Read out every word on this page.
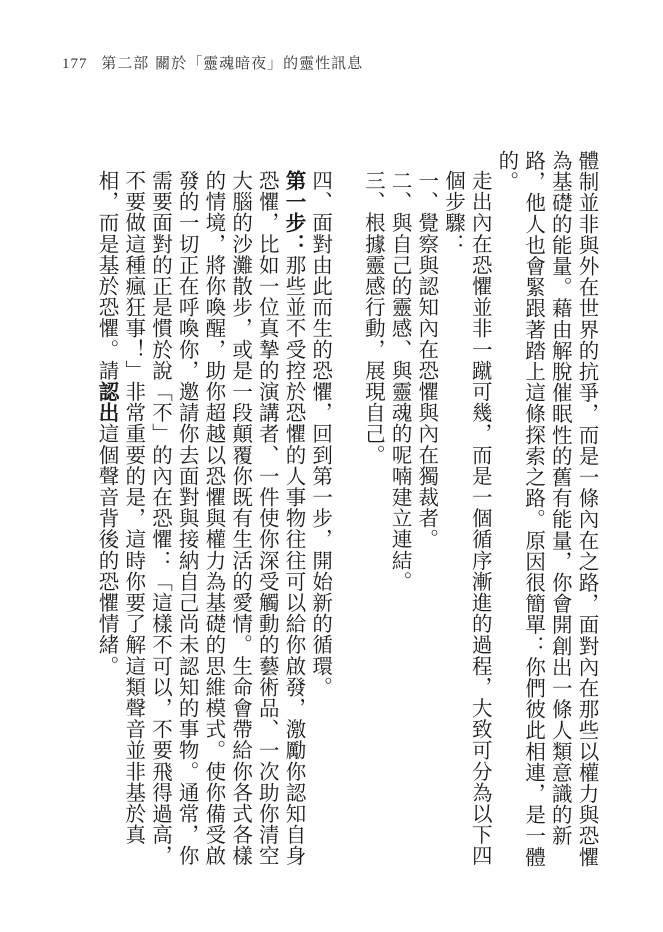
177 第二部 關於「靈魂暗夜」的靈性訊息

體制並非與外在世界的抗爭，而是一條內在之路，面對內在那些以權力與恐懼為基礎的能量。藉由解脫催眠性的舊有能量，你會開創出一條人類意識的新路，他人也會緊跟著踏上這條探索之路。原因很簡單：你們彼此相連，是一體的。

走出內在恐懼並非一蹴可幾，而是一個循序漸進的過程，大致可分為以下四個步驟：

一、覺察與認知內在恐懼與內在獨裁者。

二、與自己的靈感、與靈魂的呢喃建立連結。

三、根據靈感行動，展現自己。

四、面對由此而生的恐懼，回到第一步，開始新的循環。

第一步：那些並不受控於恐懼的人事物往往可以給你啟發，激勵你認知自身恐懼，比如一位真摯的演講者、一件使你深受觸動的藝術品、一次助你清空大腦的沙灘散步，或是一段顛覆你既有生活的愛情。生命會帶給你各式各樣的情境，將你喚醒，助你超越以恐懼與權力為基礎的思維模式。使你備受啟發的一切正在呼喚你，邀請你去面對與接納自己尚未認知的事物。通常，你需要面對的正是慣於說「不」的內在恐懼：「這樣不可以，不要飛得過高，不要做這種瘋狂事！」非常重要的是，這時你要了解這類聲音並非基於真相，而是基於恐懼。請認出這個聲音背後的恐懼情緒。
